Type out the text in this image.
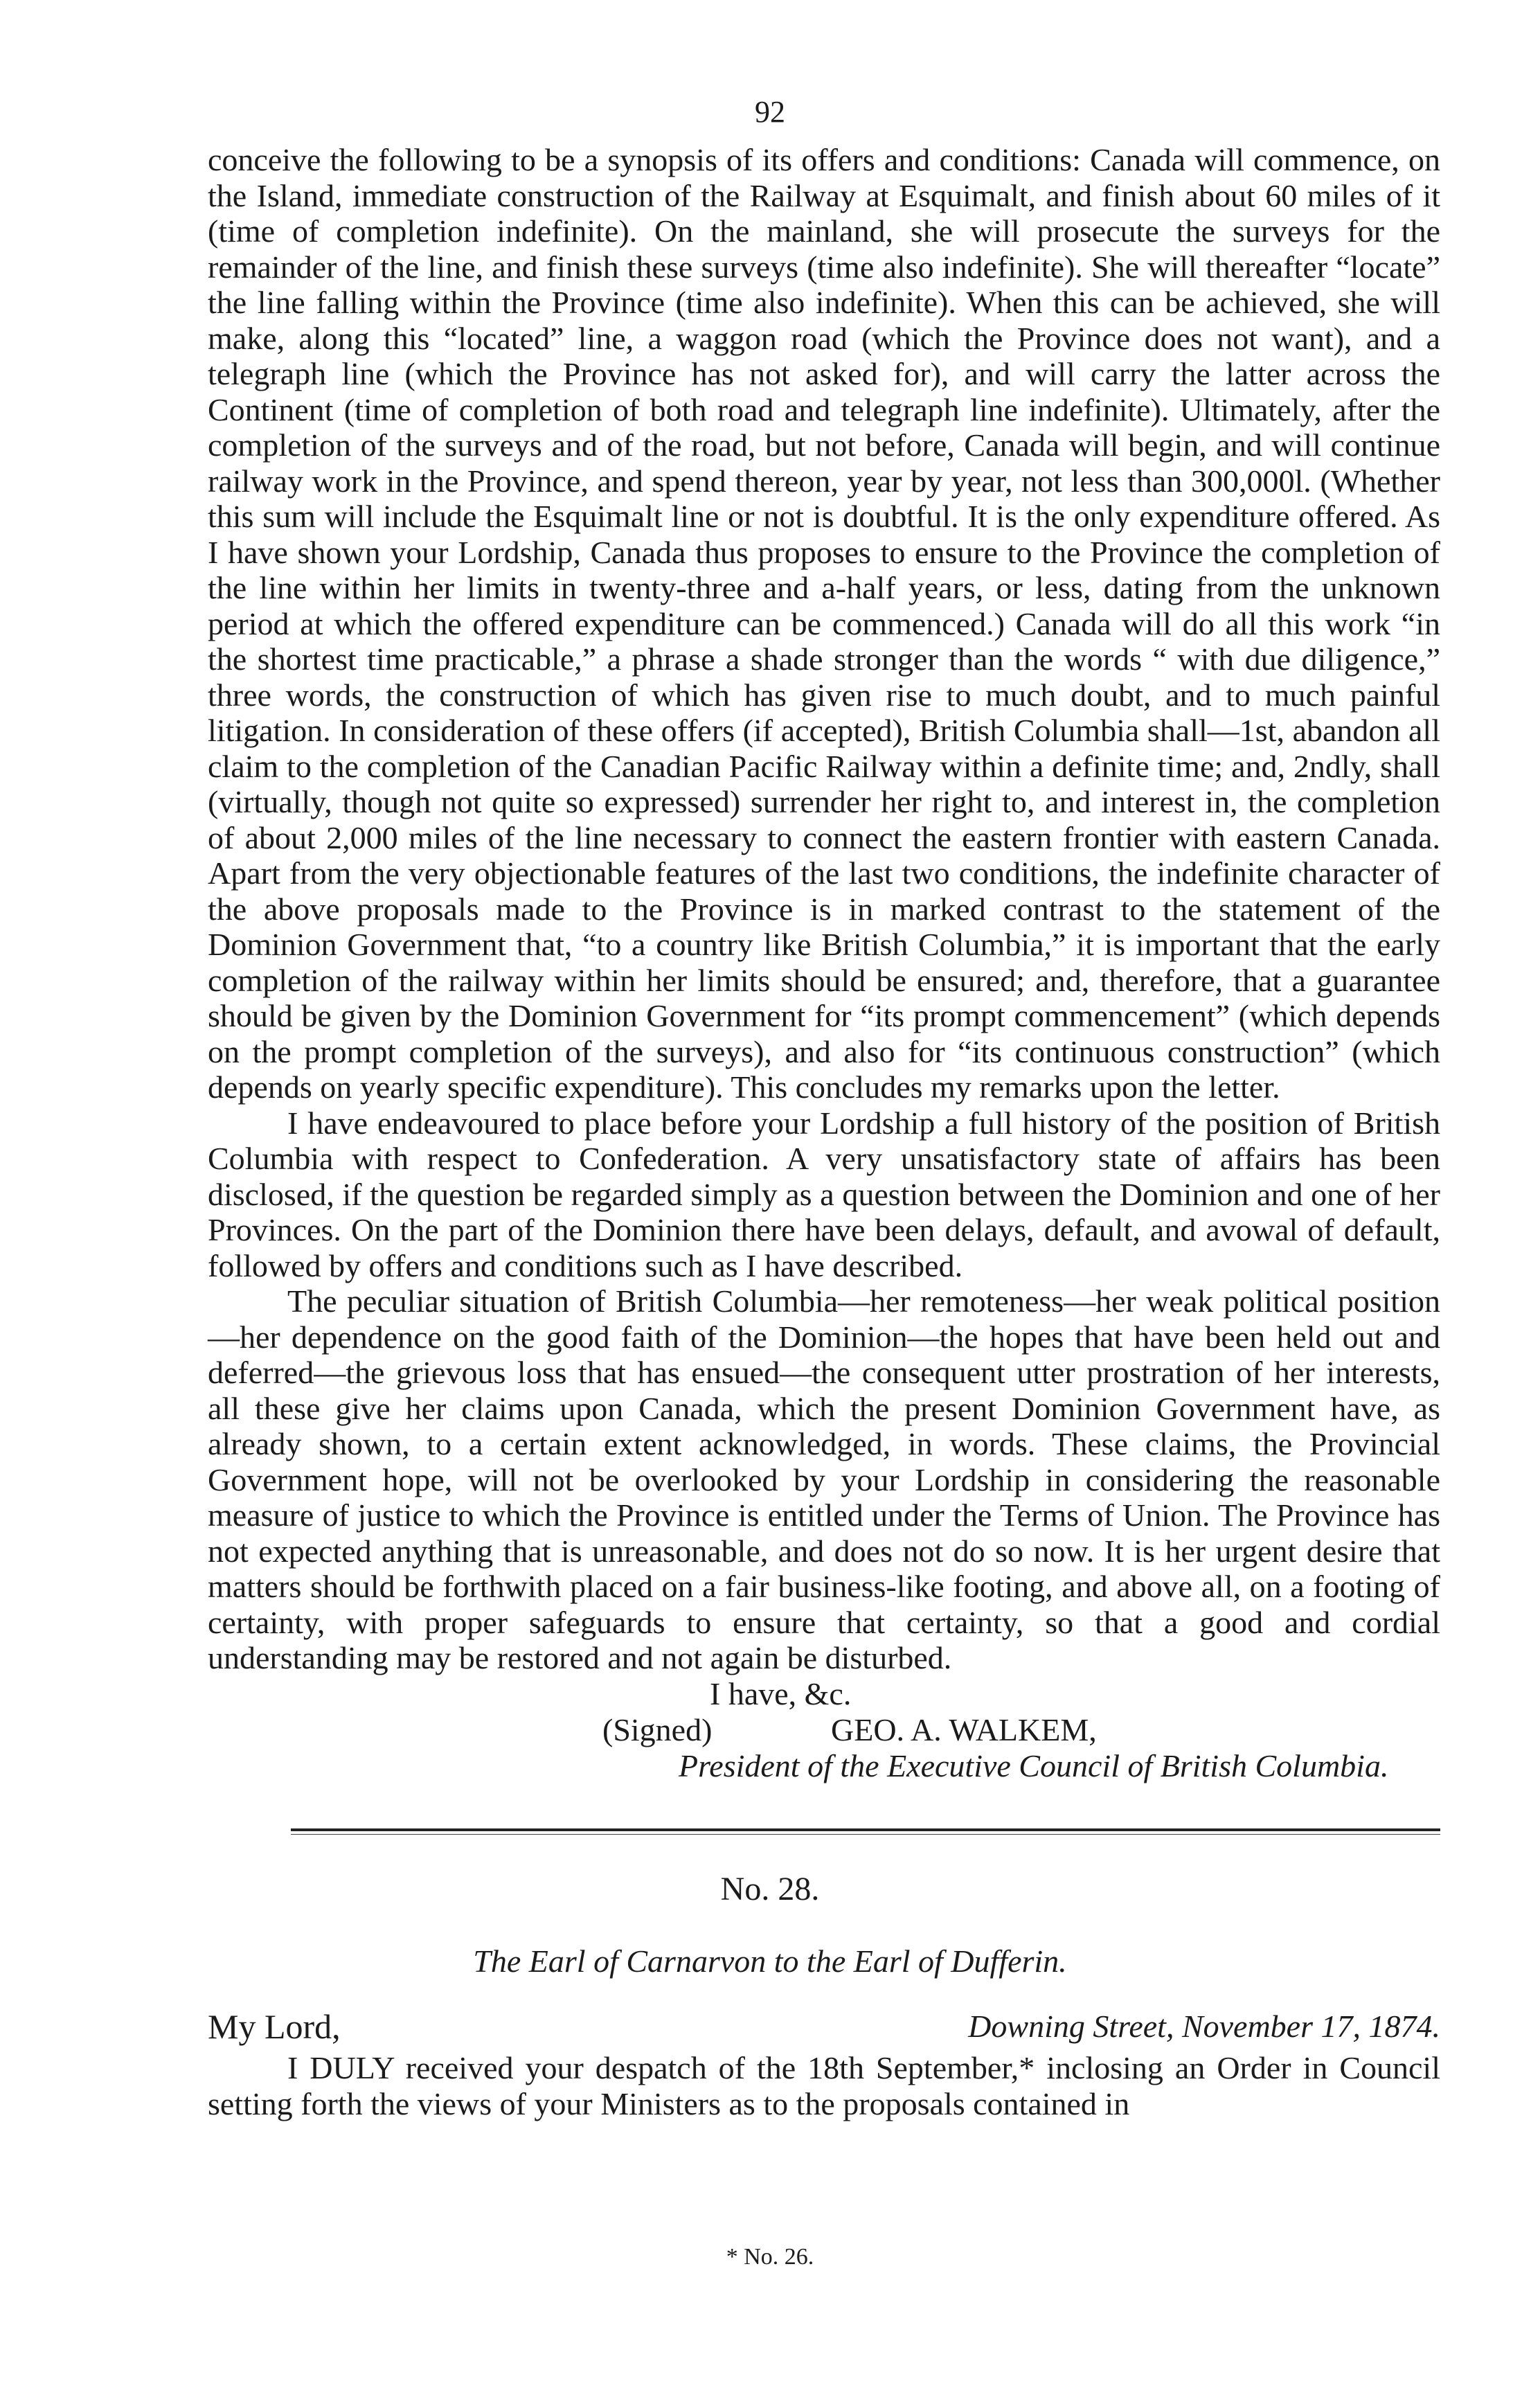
92

conceive the following to be a synopsis of its offers and conditions: Canada will commence, on the Island, immediate construction of the Railway at Esquimalt, and finish about 60 miles of it (time of completion indefinite). On the mainland, she will prosecute the surveys for the remainder of the line, and finish these surveys (time also indefinite). She will thereafter “locate” the line falling within the Province (time also indefinite). When this can be achieved, she will make, along this “located” line, a waggon road (which the Province does not want), and a telegraph line (which the Province has not asked for), and will carry the latter across the Continent (time of completion of both road and telegraph line indefinite). Ultimately, after the completion of the surveys and of the road, but not before, Canada will begin, and will continue railway work in the Province, and spend thereon, year by year, not less than 300,000l. (Whether this sum will include the Esquimalt line or not is doubtful. It is the only expenditure offered. As I have shown your Lordship, Canada thus proposes to ensure to the Province the completion of the line within her limits in twenty-three and a-half years, or less, dating from the unknown period at which the offered expenditure can be commenced.) Canada will do all this work “in the shortest time practicable,” a phrase a shade stronger than the words “ with due diligence,” three words, the construction of which has given rise to much doubt, and to much painful litigation. In consideration of these offers (if accepted), British Columbia shall—1st, abandon all claim to the completion of the Canadian Pacific Railway within a definite time; and, 2ndly, shall (virtually, though not quite so expressed) surrender her right to, and interest in, the completion of about 2,000 miles of the line necessary to connect the eastern frontier with eastern Canada. Apart from the very objectionable features of the last two conditions, the indefinite character of the above proposals made to the Province is in marked contrast to the statement of the Dominion Government that, “to a country like British Columbia,” it is important that the early completion of the railway within her limits should be ensured; and, therefore, that a guarantee should be given by the Dominion Government for “its prompt commencement” (which depends on the prompt completion of the surveys), and also for “its continuous construction” (which depends on yearly specific expenditure). This concludes my remarks upon the letter.

I have endeavoured to place before your Lordship a full history of the position of British Columbia with respect to Confederation. A very unsatisfactory state of affairs has been disclosed, if the question be regarded simply as a question between the Dominion and one of her Provinces. On the part of the Dominion there have been delays, default, and avowal of default, followed by offers and conditions such as I have described.

The peculiar situation of British Columbia—her remoteness—her weak political position—her dependence on the good faith of the Dominion—the hopes that have been held out and deferred—the grievous loss that has ensued—the consequent utter prostration of her interests, all these give her claims upon Canada, which the present Dominion Government have, as already shown, to a certain extent acknowledged, in words. These claims, the Provincial Government hope, will not be overlooked by your Lordship in considering the reasonable measure of justice to which the Province is entitled under the Terms of Union. The Province has not expected anything that is unreasonable, and does not do so now. It is her urgent desire that matters should be forthwith placed on a fair business-like footing, and above all, on a footing of certainty, with proper safeguards to ensure that certainty, so that a good and cordial understanding may be restored and not again be disturbed.

I have, &c.
(Signed)	GEO. A. WALKEM,
President of the Executive Council of British Columbia.
No. 28.
The Earl of Carnarvon to the Earl of Dufferin.
My Lord,	Downing Street, November 17, 1874.

I DULY received your despatch of the 18th September,* inclosing an Order in Council setting forth the views of your Ministers as to the proposals contained in

* No. 26.
